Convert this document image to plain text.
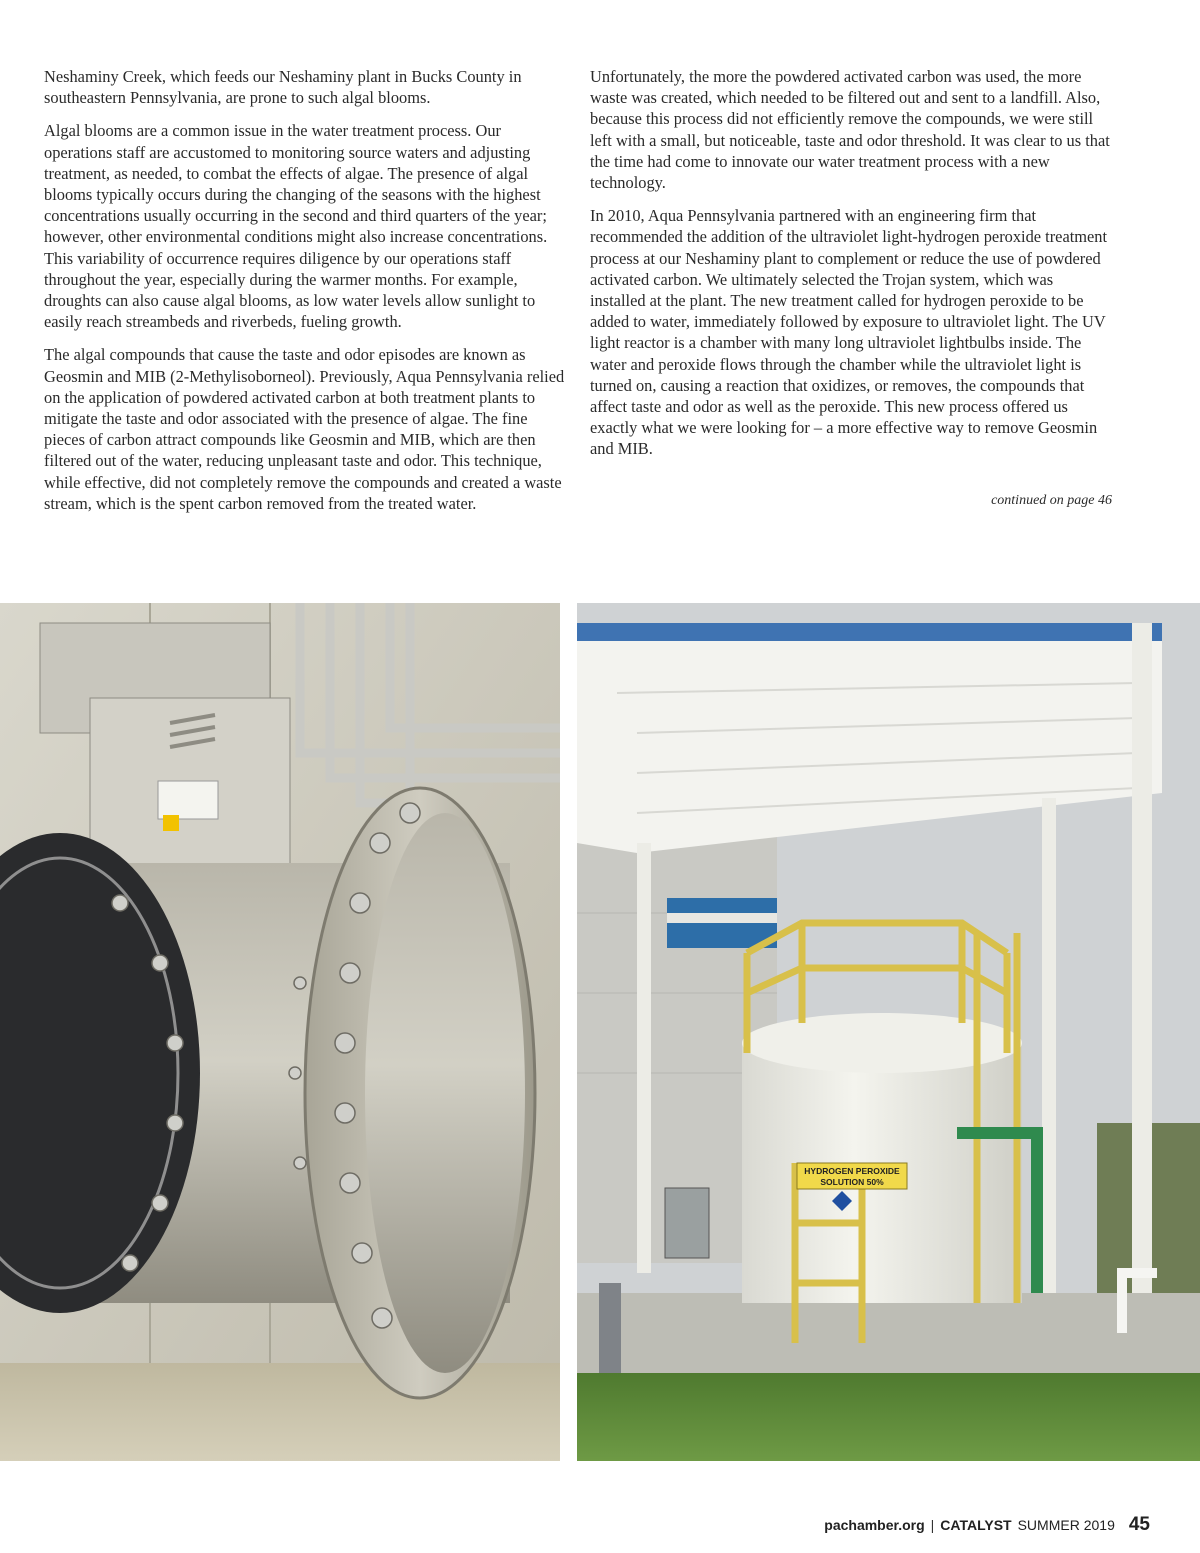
Neshaminy Creek, which feeds our Neshaminy plant in Bucks County in southeastern Pennsylvania, are prone to such algal blooms.

Algal blooms are a common issue in the water treatment process. Our operations staff are accustomed to monitoring source waters and adjusting treatment, as needed, to combat the effects of algae. The presence of algal blooms typically occurs during the changing of the seasons with the highest concentrations usually occurring in the second and third quarters of the year; however, other environmental conditions might also increase concentrations. This variability of occurrence requires diligence by our operations staff throughout the year, especially during the warmer months. For example, droughts can also cause algal blooms, as low water levels allow sunlight to easily reach streambeds and riverbeds, fueling growth.

The algal compounds that cause the taste and odor episodes are known as Geosmin and MIB (2-Methylisoborneol). Previously, Aqua Pennsylvania relied on the application of powdered activated carbon at both treatment plants to mitigate the taste and odor associated with the presence of algae. The fine pieces of carbon attract compounds like Geosmin and MIB, which are then filtered out of the water, reducing unpleasant taste and odor. This technique, while effective, did not completely remove the compounds and created a waste stream, which is the spent carbon removed from the treated water.

Unfortunately, the more the powdered activated carbon was used, the more waste was created, which needed to be filtered out and sent to a landfill. Also, because this process did not efficiently remove the compounds, we were still left with a small, but noticeable, taste and odor threshold. It was clear to us that the time had come to innovate our water treatment process with a new technology.

In 2010, Aqua Pennsylvania partnered with an engineering firm that recommended the addition of the ultraviolet light-hydrogen peroxide treatment process at our Neshaminy plant to complement or reduce the use of powdered activated carbon. We ultimately selected the Trojan system, which was installed at the plant. The new treatment called for hydrogen peroxide to be added to water, immediately followed by exposure to ultraviolet light. The UV light reactor is a chamber with many long ultraviolet lightbulbs inside. The water and peroxide flows through the chamber while the ultraviolet light is turned on, causing a reaction that oxidizes, or removes, the compounds that affect taste and odor as well as the peroxide. This new process offered us exactly what we were looking for – a more effective way to remove Geosmin and MIB.

continued on page 46
HYDROGEN PEROXIDE
SOLUTION 50%
pachamber.org | CATALYST SUMMER 2019 45
